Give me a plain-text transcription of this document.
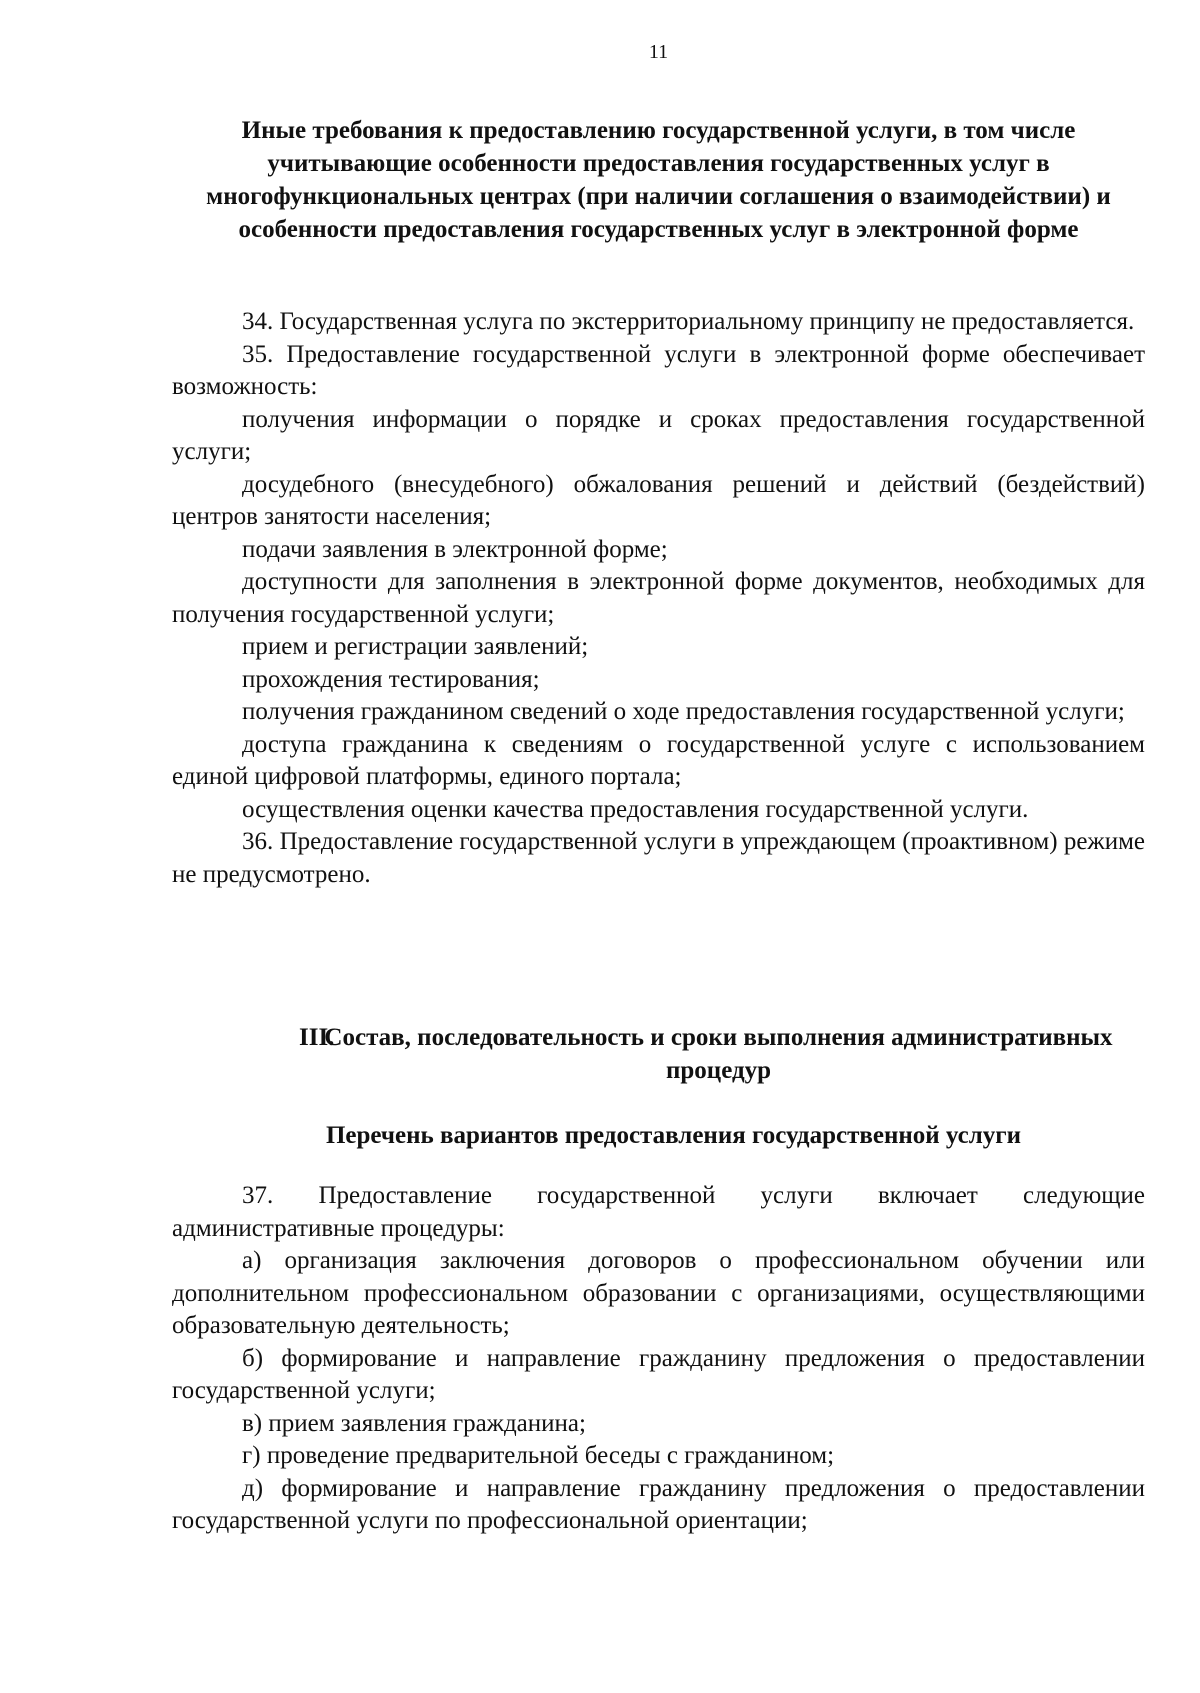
11
Иные требования к предоставлению государственной услуги, в том числе учитывающие особенности предоставления государственных услуг в многофункциональных центрах (при наличии соглашения о взаимодействии) и особенности предоставления государственных услуг в электронной форме

34. Государственная услуга по экстерриториальному принципу не предоставляется.

35. Предоставление государственной услуги в электронной форме обеспечивает возможность:

получения информации о порядке и сроках предоставления государственной услуги;

досудебного (внесудебного) обжалования решений и действий (бездействий) центров занятости населения;

подачи заявления в электронной форме;

доступности для заполнения в электронной форме документов, необходимых для получения государственной услуги;

прием и регистрации заявлений;

прохождения тестирования;

получения гражданином сведений о ходе предоставления государственной услуги;

доступа гражданина к сведениям о государственной услуге с использованием единой цифровой платформы, единого портала;

осуществления оценки качества предоставления государственной услуги.

36. Предоставление государственной услуги в упреждающем (проактивном) режиме не предусмотрено.

III.
Состав, последовательность и сроки выполнения административных процедур
Перечень вариантов предоставления государственной услуги

37. Предоставление государственной услуги включает следующие административные процедуры:

а) организация заключения договоров о профессиональном обучении или дополнительном профессиональном образовании с организациями, осуществляющими образовательную деятельность;

б) формирование и направление гражданину предложения о предоставлении государственной услуги;

в) прием заявления гражданина;

г) проведение предварительной беседы с гражданином;

д) формирование и направление гражданину предложения о предоставлении государственной услуги по профессиональной ориентации;
